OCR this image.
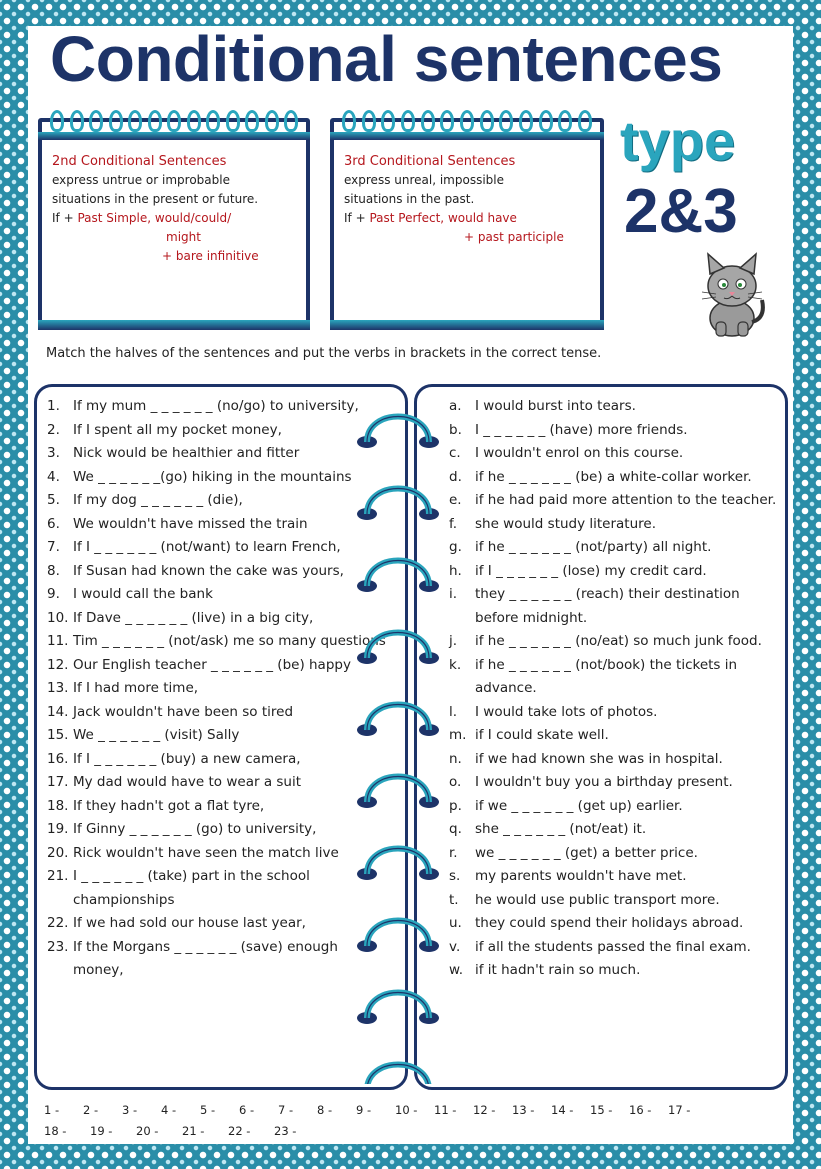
Conditional sentences
type
2&3
2nd Conditional Sentences
express untrue or improbable
situations in the present or future.
If + Past Simple, would/could/
might
+ bare infinitive
3rd Conditional Sentences
express unreal, impossible
situations in the past.
If + Past Perfect, would have
+ past participle
Match the halves of the sentences and put the verbs in brackets in the correct tense.
1. If my mum _ _ _ _ _ _ (no/go) to university,
2. If I spent all my pocket money,
3. Nick would be healthier and fitter
4. We _ _ _ _ _ _(go) hiking in the mountains
5. If my dog _ _ _ _ _ _ (die),
6. We wouldn't have missed the train
7. If I _ _ _ _ _ _ (not/want) to learn French,
8. If Susan had known the cake was yours,
9. I would call the bank
10. If Dave _ _ _ _ _ _ (live) in a big city,
11. Tim _ _ _ _ _ _ (not/ask) me so many questions
12. Our English teacher _ _ _ _ _ _ (be) happy
13. If I had more time,
14. Jack wouldn't have been so tired
15. We _ _ _ _ _ _ (visit) Sally
16. If I _ _ _ _ _ _ (buy) a new camera,
17. My dad would have to wear a suit
18. If they hadn't got a flat tyre,
19. If Ginny _ _ _ _ _ _ (go) to university,
20. Rick wouldn't have seen the match live
21. I _ _ _ _ _ _ (take) part in the school championships
22. If we had sold our house last year,
23. If the Morgans _ _ _ _ _ _ (save) enough money,
a. I would burst into tears.
b. I _ _ _ _ _ _ (have) more friends.
c.	I wouldn't enrol on this course.
d. if he _ _ _ _ _ _ (be) a white-collar worker.
e. if he had paid more attention to the teacher.
f.	she would study literature.
g. if he _ _ _ _ _ _ (not/party) all night.
h. if I _ _ _ _ _ _ (lose) my credit card.
i.	they _ _ _ _ _ _ (reach) their destination before midnight.
j.	if he _ _ _ _ _ _ (no/eat) so much junk food.
k.	if he _ _ _ _ _ _ (not/book) the tickets in advance.
l.	I would take lots of photos.
m. if I could skate well.
n. if we had known she was in hospital.
o.	I wouldn't buy you a birthday present.
p. if we _ _ _ _ _ _ (get up) earlier.
q. she _ _ _ _ _ _ (not/eat) it.
r.	we _ _ _ _ _ _ (get) a better price.
s.	my parents wouldn't have met.
t.	he would use public transport more.
u. they could spend their holidays abroad.
v.	if all the students passed the final exam.
w. if it hadn't rain so much.
1 -	2 -	3 -	4 -	5 -	6 -	7 -	8 -	9 -	10 -	11 -	12 -	13 -	14 -	15 -	16 -	17 -
18 -	19 -	20 -	21 -	22 -	23 -
